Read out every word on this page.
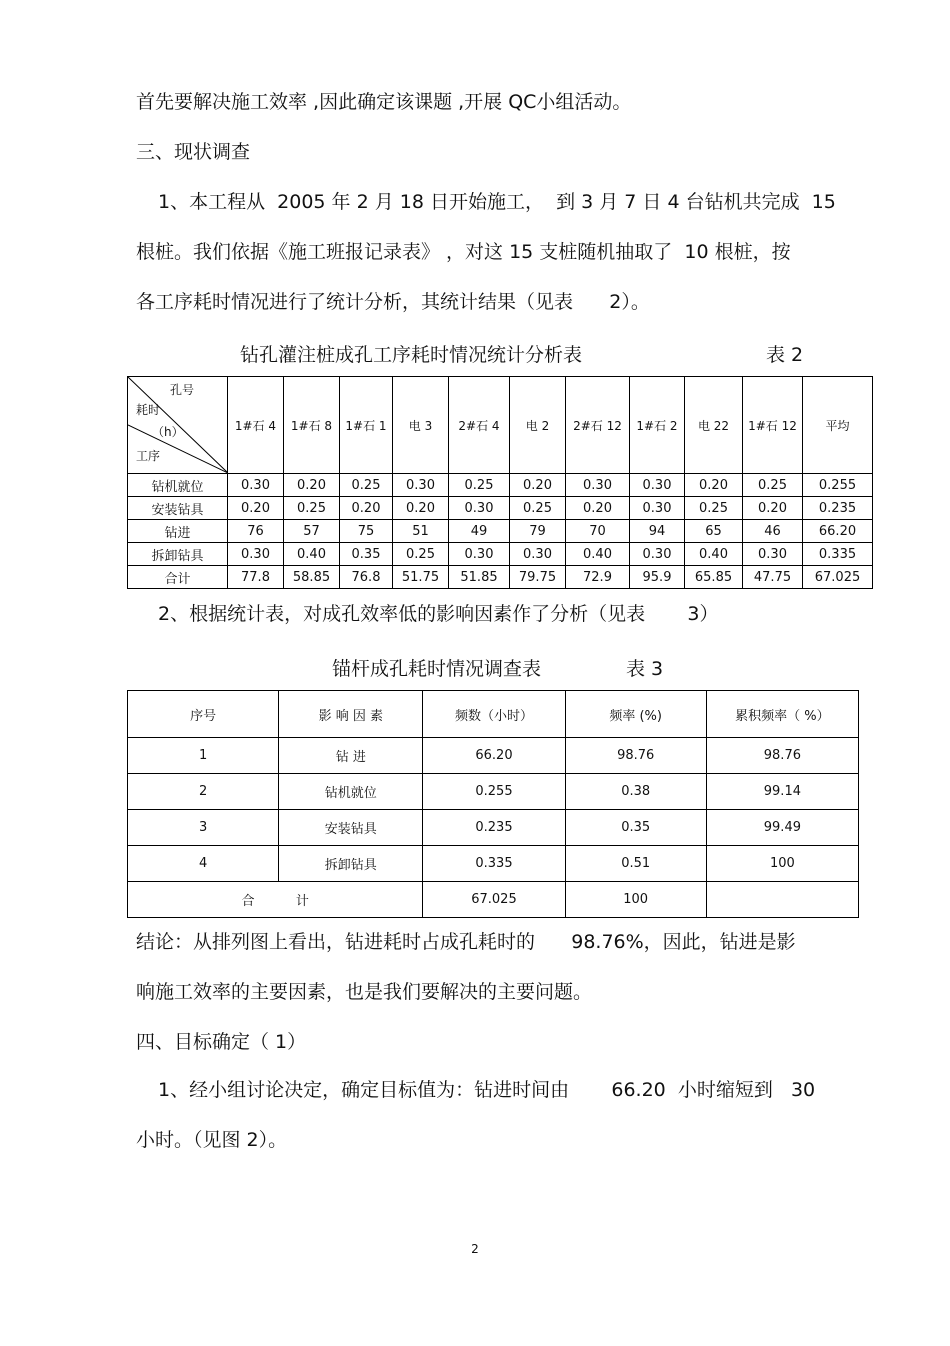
首先要解决施工效率 ,因此确定该课题 ,开展 QC小组活动。
三、现状调查
1、本工程从  2005 年 2 月 18 日开始施工，  到 3 月 7 日 4 台钻机共完成  15
根桩。我们依据《施工班报记录表》 ，对这 15 支桩随机抽取了  10 根桩，按
各工序耗时情况进行了统计分析，其统计结果（见表      2）。
钻孔灌注桩成孔工序耗时情况统计分析表	表 2
孔号
耗时
（h）
工序	1#石 4	1#石 8	1#石 1	电 3	2#石 4	电 2	2#石 12	1#石 2	电 22	1#石 12	平均
钻机就位	0.30	0.20	0.25	0.30	0.25	0.20	0.30	0.30	0.20	0.25	0.255
安装钻具	0.20	0.25	0.20	0.20	0.30	0.25	0.20	0.30	0.25	0.20	0.235
钻进	76	57	75	51	49	79	70	94	65	46	66.20
拆卸钻具	0.30	0.40	0.35	0.25	0.30	0.30	0.40	0.30	0.40	0.30	0.335
合计	77.8	58.85	76.8	51.75	51.85	79.75	72.9	95.9	65.85	47.75	67.025
2、根据统计表，对成孔效率低的影响因素作了分析（见表       3）
锚杆成孔耗时情况调查表	表 3
序号	影 响 因 素	频数（小时）	频率 (%)	累积频率（ %）
1	钻 进	66.20	98.76	98.76
2	钻机就位	0.255	0.38	99.14
3	安装钻具	0.235	0.35	99.49
4	拆卸钻具	0.335	0.51	100
合          计		67.025	100	
结论：从排列图上看出，钻进耗时占成孔耗时的      98.76%，因此，钻进是影
响施工效率的主要因素，也是我们要解决的主要问题。
四、目标确定（ 1）
1、经小组讨论决定，确定目标值为：钻进时间由       66.20  小时缩短到   30
小时。（见图 2）。
2
